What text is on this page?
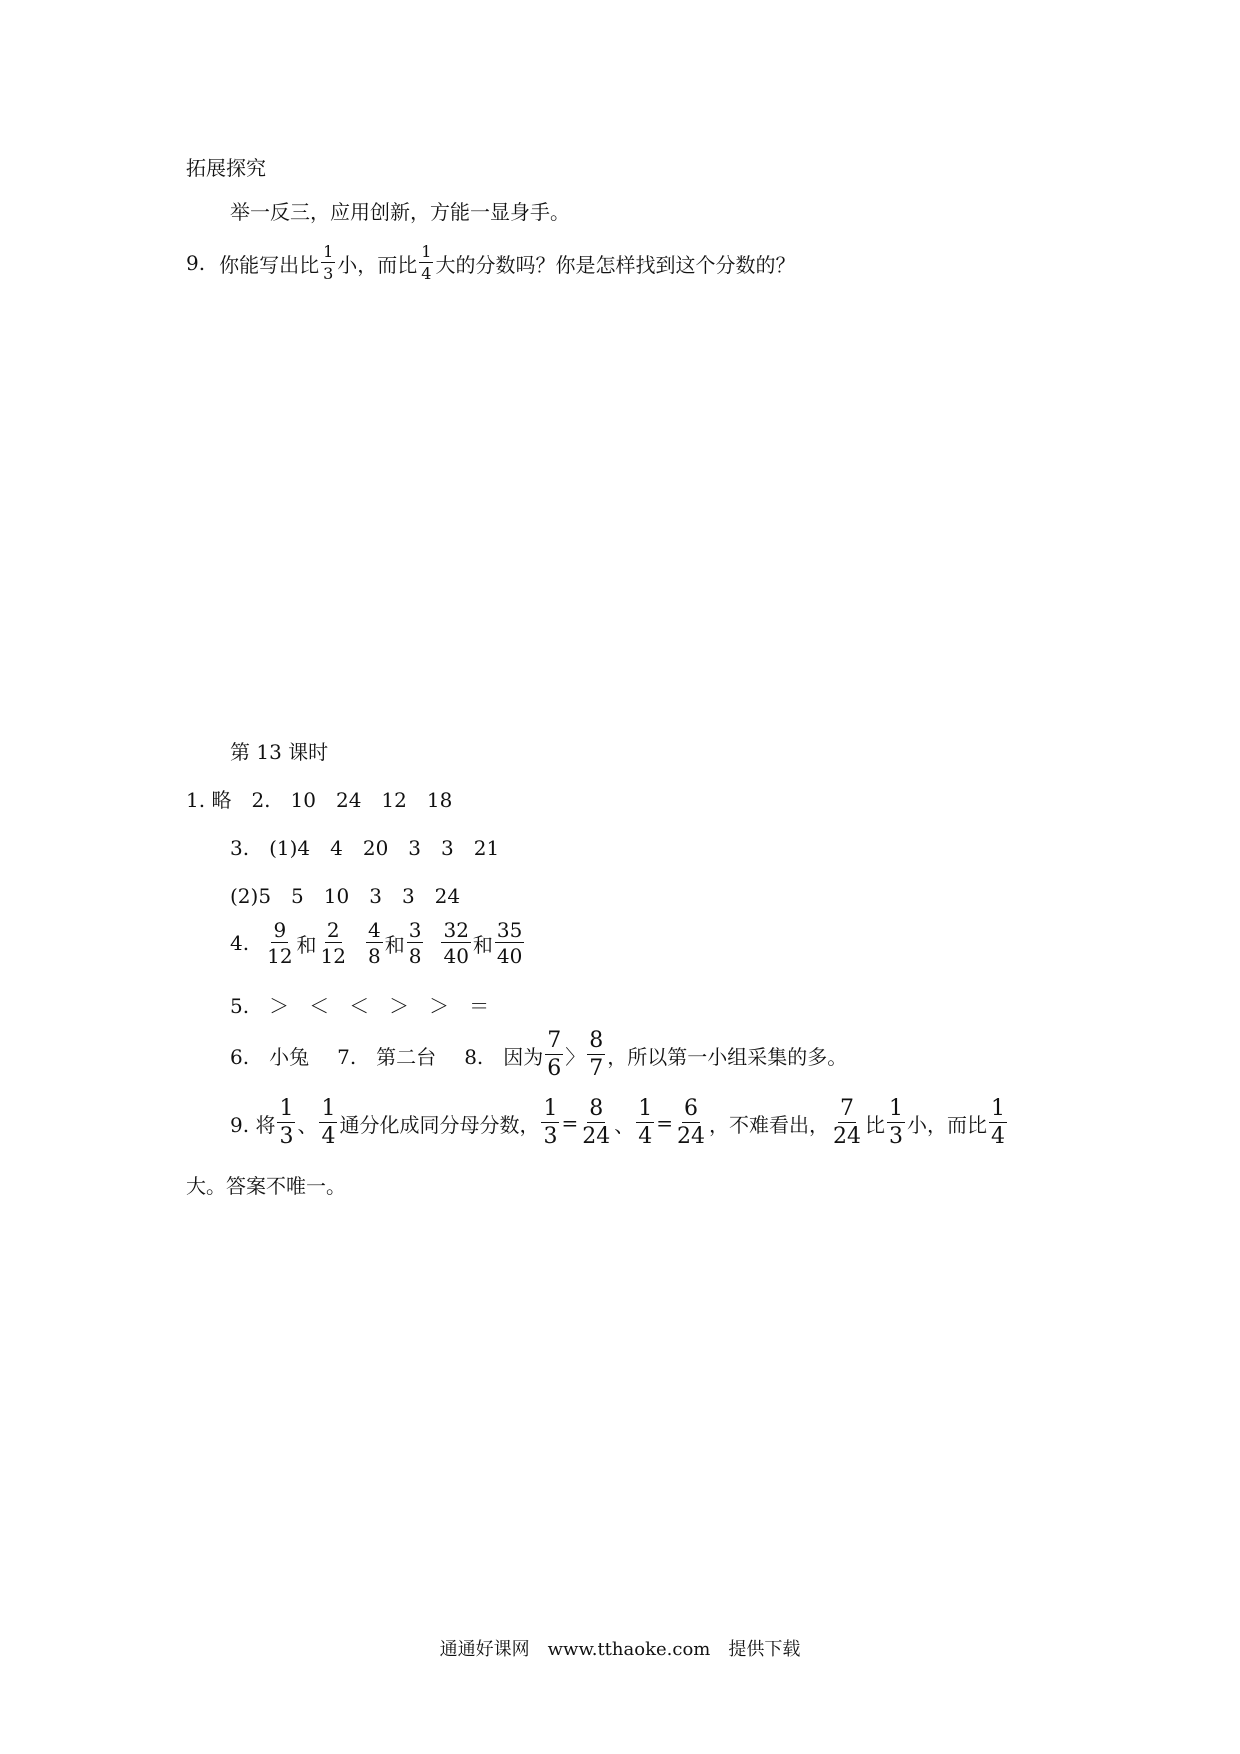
拓展探究
举一反三，应用创新，方能一显身手。
9. 你能写出比 $\frac{1}{3}$ 小，而比 $\frac{1}{4}$ 大的分数吗？你是怎样找到这个分数的？
第 13 课时
1. 略　2.　10　24　12　18
3.　(1)4　4　20　3　3　21
(2)5　5　10　3　3　24
4. $\frac{9}{12}$ 和 $\frac{2}{12} \frac{4}{8}$ 和 $\frac{3}{8} \frac{32}{40}$ 和 $\frac{35}{40}$
5.　＞　＜　＜　＞　＞　＝
6.　小兔 7.　第二台 8.　因为 $\frac{7}{6}$ 〉 $\frac{8}{7}$ ，所以第一小组采集的多。
9. 将 $\frac{1}{3}$ 、 $\frac{1}{4}$ 通分化成同分母分数， $\frac{1}{3} = \frac{8}{24}$ 、 $\frac{1}{4} = \frac{6}{24}$ ，不难看出， $\frac{7}{24}$ 比 $\frac{1}{3}$ 小，而比 $\frac{1}{4}$
大。答案不唯一。
通通好课网　www.tthaoke.com　提供下载
